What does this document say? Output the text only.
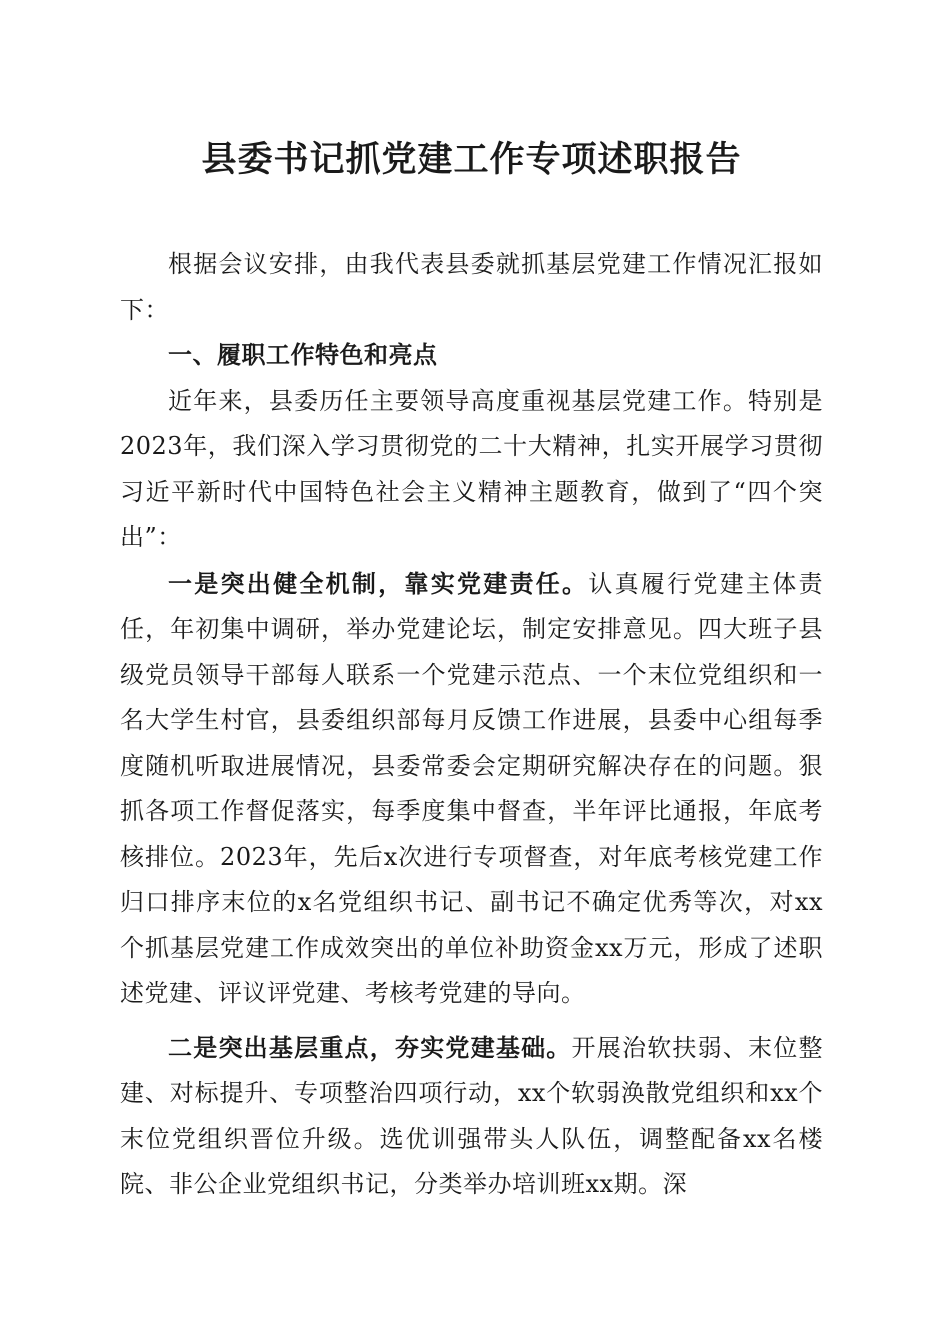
县委书记抓党建工作专项述职报告

根据会议安排，由我代表县委就抓基层党建工作情况汇报如下：

一、履职工作特色和亮点

近年来，县委历任主要领导高度重视基层党建工作。特别是2023年，我们深入学习贯彻党的二十大精神，扎实开展学习贯彻习近平新时代中国特色社会主义精神主题教育，做到了“四个突出”：

一是突出健全机制，靠实党建责任。认真履行党建主体责任，年初集中调研，举办党建论坛，制定安排意见。四大班子县级党员领导干部每人联系一个党建示范点、一个末位党组织和一名大学生村官，县委组织部每月反馈工作进展，县委中心组每季度随机听取进展情况，县委常委会定期研究解决存在的问题。狠抓各项工作督促落实，每季度集中督查，半年评比通报，年底考核排位。2023年，先后x次进行专项督查，对年底考核党建工作归口排序末位的x名党组织书记、副书记不确定优秀等次，对xx个抓基层党建工作成效突出的单位补助资金xx万元，形成了述职述党建、评议评党建、考核考党建的导向。

二是突出基层重点，夯实党建基础。开展治软扶弱、末位整建、对标提升、专项整治四项行动，xx个软弱涣散党组织和xx个末位党组织晋位升级。选优训强带头人队伍，调整配备xx名楼院、非公企业党组织书记，分类举办培训班xx期。深
